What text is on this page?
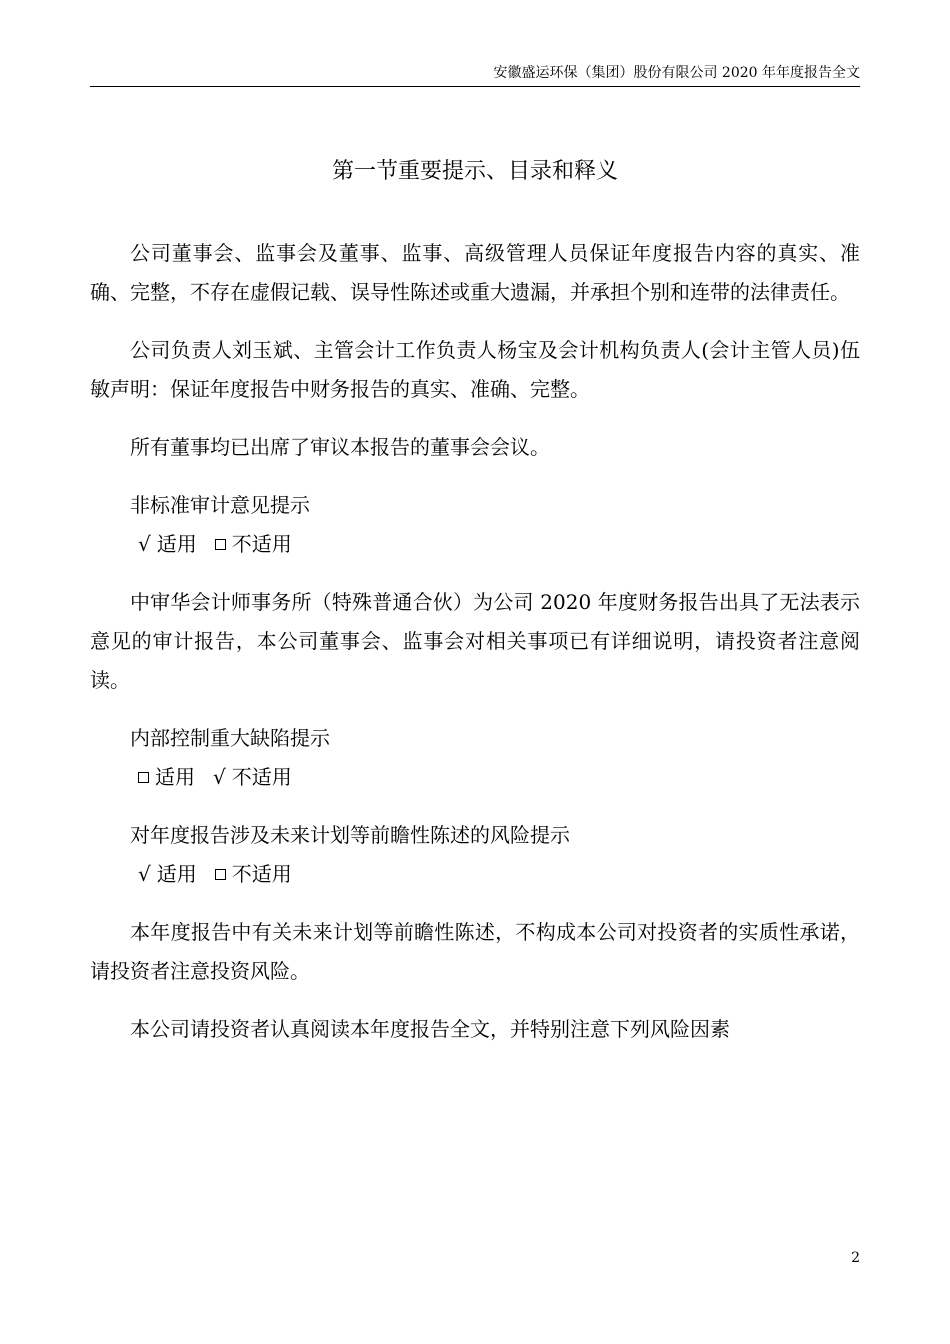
安徽盛运环保（集团）股份有限公司 2020 年年度报告全文
第一节重要提示、目录和释义

公司董事会、监事会及董事、监事、高级管理人员保证年度报告内容的真实、准确、完整，不存在虚假记载、误导性陈述或重大遗漏，并承担个别和连带的法律责任。

公司负责人刘玉斌、主管会计工作负责人杨宝及会计机构负责人(会计主管人员)伍敏声明：保证年度报告中财务报告的真实、准确、完整。

所有董事均已出席了审议本报告的董事会会议。

非标准审计意见提示

√ 适用 不适用

中审华会计师事务所（特殊普通合伙）为公司 2020 年度财务报告出具了无法表示意见的审计报告，本公司董事会、监事会对相关事项已有详细说明，请投资者注意阅读。

内部控制重大缺陷提示

适用 √ 不适用

对年度报告涉及未来计划等前瞻性陈述的风险提示

√ 适用 不适用

本年度报告中有关未来计划等前瞻性陈述，不构成本公司对投资者的实质性承诺，请投资者注意投资风险。

本公司请投资者认真阅读本年度报告全文，并特别注意下列风险因素

2
